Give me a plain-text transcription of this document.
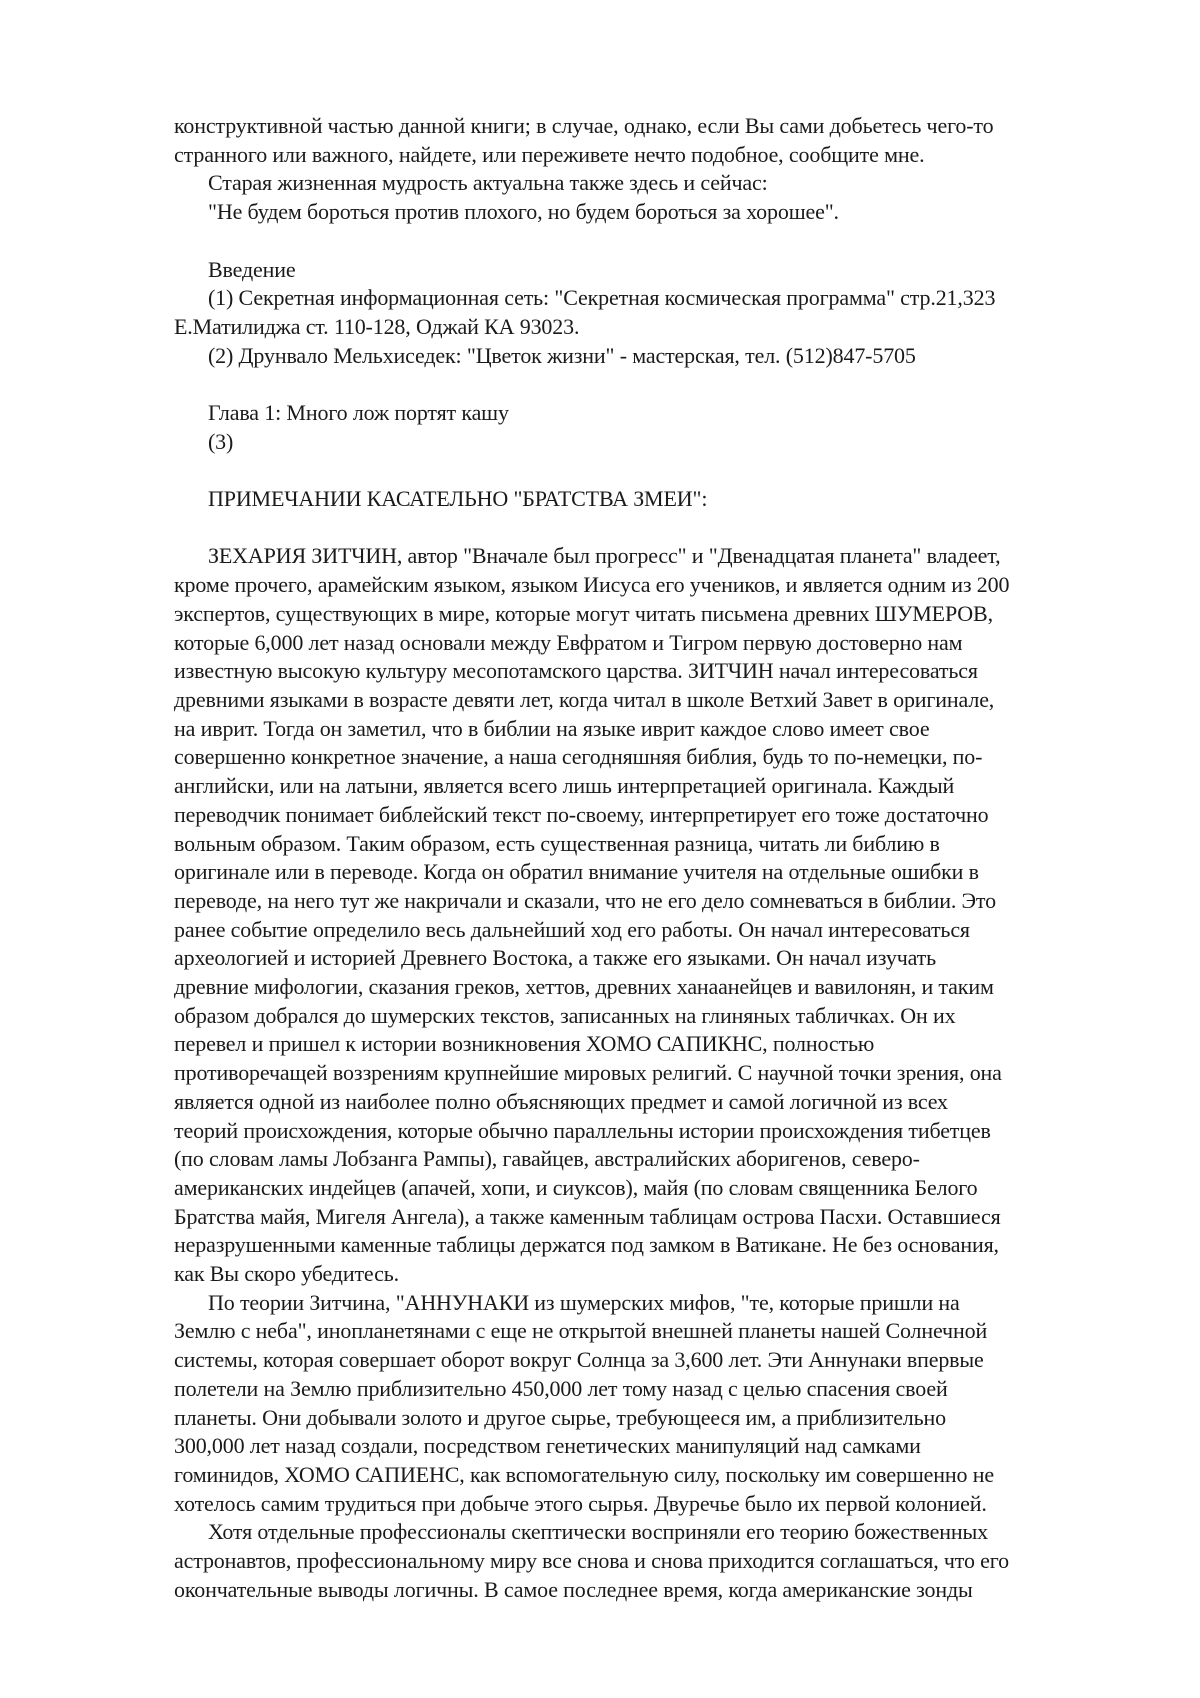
конструктивной частью данной книги; в случае, однако, если Вы сами добьетесь чего-то
странного или важного, найдете, или переживете нечто подобное, сообщите мне.
Старая жизненная мудрость актуальна также здесь и сейчас:
"Не будем бороться против плохого, но будем бороться за хорошее".
Введение
(1) Секретная информационная сеть: "Секретная космическая программа" стр.21,323
Е.Матилиджа ст. 110-128, Оджай КА 93023.
(2) Друнвало Мельхиседек: "Цветок жизни" - мастерская, тел. (512)847-5705
Глава 1: Много лож портят кашу
(3)
ПРИМЕЧАНИИ КАСАТЕЛЬНО "БРАТСТВА ЗМЕИ":
ЗЕХАРИЯ ЗИТЧИН, автор "Вначале был прогресс" и "Двенадцатая планета" владеет,
кроме прочего, арамейским языком, языком Иисуса его учеников, и является одним из 200
экспертов, существующих в мире, которые могут читать письмена древних ШУМЕРОВ,
которые 6,000 лет назад основали между Евфратом и Тигром первую достоверно нам
известную высокую культуру месопотамского царства. ЗИТЧИН начал интересоваться
древними языками в возрасте девяти лет, когда читал в школе Ветхий Завет в оригинале,
на иврит. Тогда он заметил, что в библии на языке иврит каждое слово имеет свое
совершенно конкретное значение, а наша сегодняшняя библия, будь то по-немецки, по-
английски, или на латыни, является всего лишь интерпретацией оригинала. Каждый
переводчик понимает библейский текст по-своему, интерпретирует его тоже достаточно
вольным образом. Таким образом, есть существенная разница, читать ли библию в
оригинале или в переводе. Когда он обратил внимание учителя на отдельные ошибки в
переводе, на него тут же накричали и сказали, что не его дело сомневаться в библии. Это
ранее событие определило весь дальнейший ход его работы. Он начал интересоваться
археологией и историей Древнего Востока, а также его языками. Он начал изучать
древние мифологии, сказания греков, хеттов, древних ханаанейцев и вавилонян, и таким
образом добрался до шумерских текстов, записанных на глиняных табличках. Он их
перевел и пришел к истории возникновения ХОМО САПИКНС, полностью
противоречащей воззрениям крупнейшие мировых религий. С научной точки зрения, она
является одной из наиболее полно объясняющих предмет и самой логичной из всех
теорий происхождения, которые обычно параллельны истории происхождения тибетцев
(по словам ламы Лобзанга Рампы), гавайцев, австралийских аборигенов, северо-
американских индейцев (апачей, хопи, и сиуксов), майя (по словам священника Белого
Братства майя, Мигеля Ангела), а также каменным таблицам острова Пасхи. Оставшиеся
неразрушенными каменные таблицы держатся под замком в Ватикане. Не без основания,
как Вы скоро убедитесь.
По теории Зитчина, "АННУНАКИ из шумерских мифов, "те, которые пришли на
Землю с неба", инопланетянами с еще не открытой внешней планеты нашей Солнечной
системы, которая совершает оборот вокруг Солнца за 3,600 лет. Эти Аннунаки впервые
полетели на Землю приблизительно 450,000 лет тому назад с целью спасения своей
планеты. Они добывали золото и другое сырье, требующееся им, а приблизительно
300,000 лет назад создали, посредством генетических манипуляций над самками
гоминидов, ХОМО САПИЕНС, как вспомогательную силу, поскольку им совершенно не
хотелось самим трудиться при добыче этого сырья. Двуречье было их первой колонией.
Хотя отдельные профессионалы скептически восприняли его теорию божественных
астронавтов, профессиональному миру все снова и снова приходится соглашаться, что его
окончательные выводы логичны. В самое последнее время, когда американские зонды
